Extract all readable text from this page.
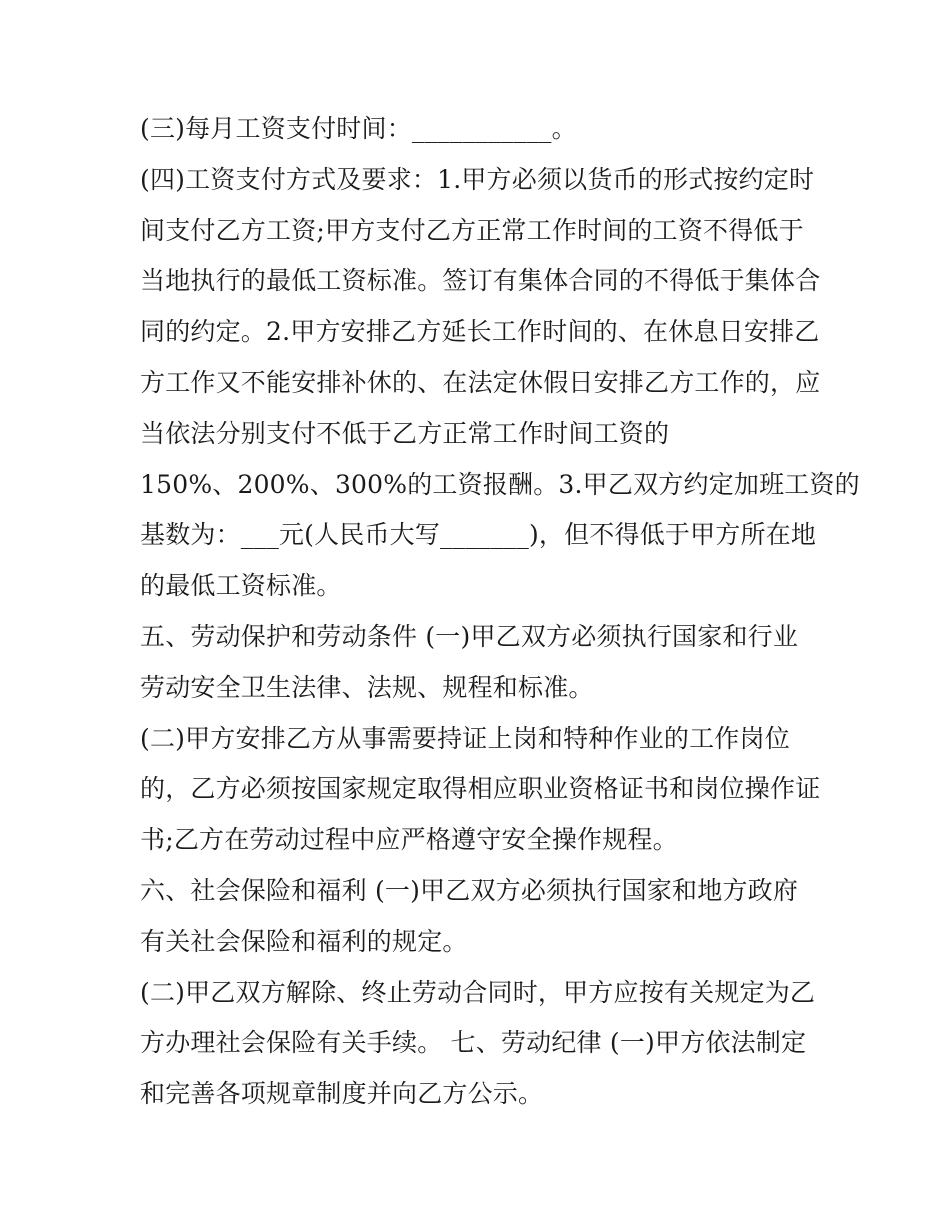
(三)每月工资支付时间：___________。
(四)工资支付方式及要求：1.甲方必须以货币的形式按约定时
间支付乙方工资;甲方支付乙方正常工作时间的工资不得低于
当地执行的最低工资标准。签订有集体合同的不得低于集体合
同的约定。2.甲方安排乙方延长工作时间的、在休息日安排乙
方工作又不能安排补休的、在法定休假日安排乙方工作的，应
当依法分别支付不低于乙方正常工作时间工资的
150%、200%、300%的工资报酬。3.甲乙双方约定加班工资的
基数为：___元(人民币大写_______)，但不得低于甲方所在地
的最低工资标准。
五、劳动保护和劳动条件 (一)甲乙双方必须执行国家和行业
劳动安全卫生法律、法规、规程和标准。
(二)甲方安排乙方从事需要持证上岗和特种作业的工作岗位
的，乙方必须按国家规定取得相应职业资格证书和岗位操作证
书;乙方在劳动过程中应严格遵守安全操作规程。
六、社会保险和福利 (一)甲乙双方必须执行国家和地方政府
有关社会保险和福利的规定。
(二)甲乙双方解除、终止劳动合同时，甲方应按有关规定为乙
方办理社会保险有关手续。 七、劳动纪律 (一)甲方依法制定
和完善各项规章制度并向乙方公示。
